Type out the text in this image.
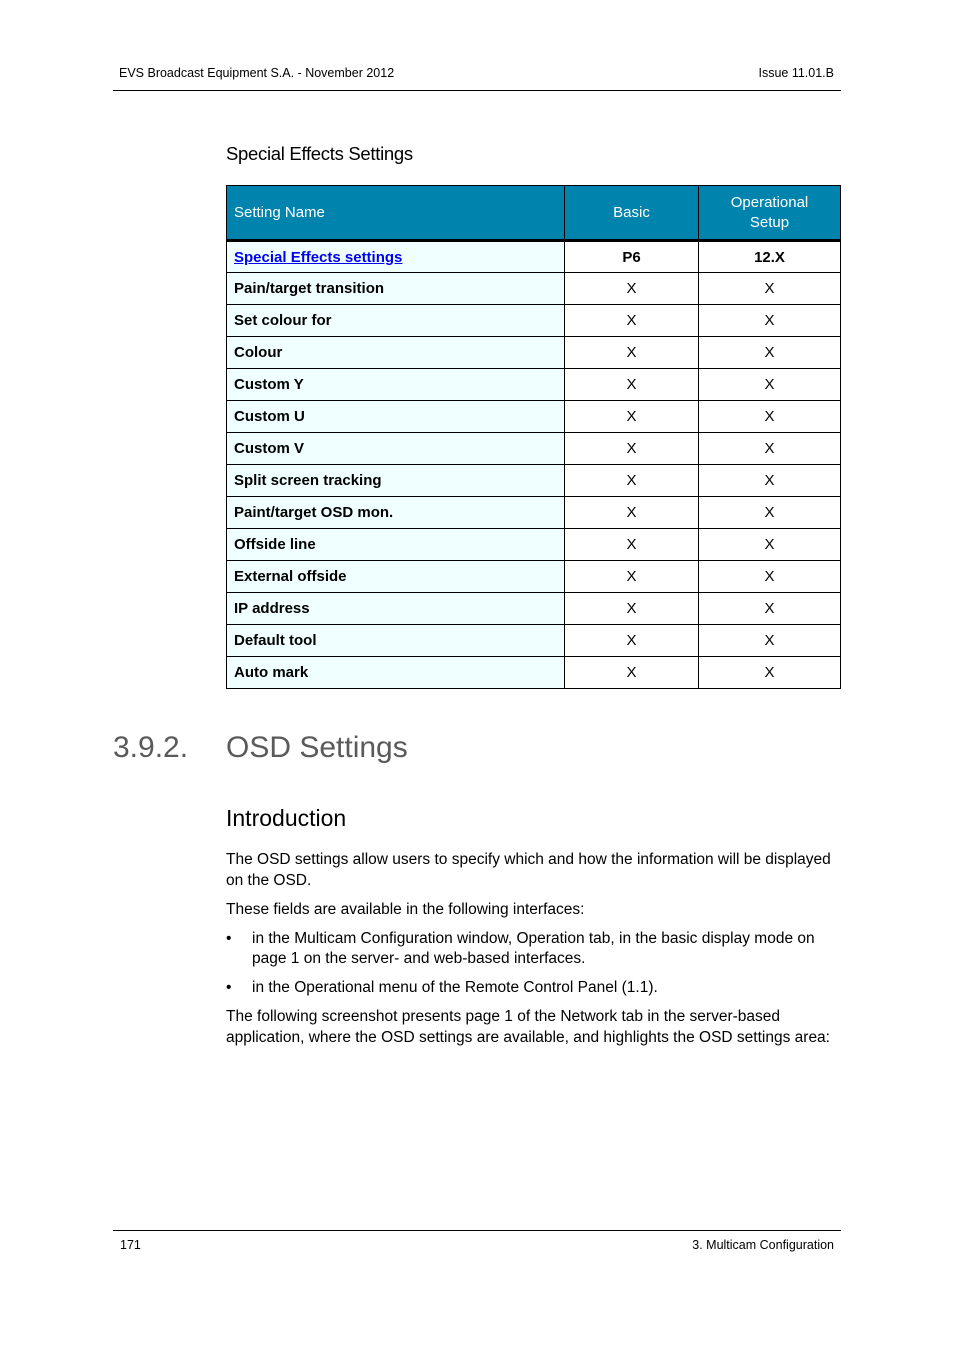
EVS Broadcast Equipment S.A. - November 2012	Issue 11.01.B
Special Effects Settings
Setting Name	Basic	Operational
Setup
Special Effects settings	P6	12.X
Pain/target transition	X	X
Set colour for	X	X
Colour	X	X
Custom Y	X	X
Custom U	X	X
Custom V	X	X
Split screen tracking	X	X
Paint/target OSD mon.	X	X
Offside line	X	X
External offside	X	X
IP address	X	X
Default tool	X	X
Auto mark	X	X
3.9.2. OSD Settings
Introduction

The OSD settings allow users to specify which and how the information will be displayed on the OSD.

These fields are available in the following interfaces:

• in the Multicam Configuration window, Operation tab, in the basic display mode on page 1 on the server- and web-based interfaces.
• in the Operational menu of the Remote Control Panel (1.1).

The following screenshot presents page 1 of the Network tab in the server-based application, where the OSD settings are available, and highlights the OSD settings area:

171	3. Multicam Configuration
